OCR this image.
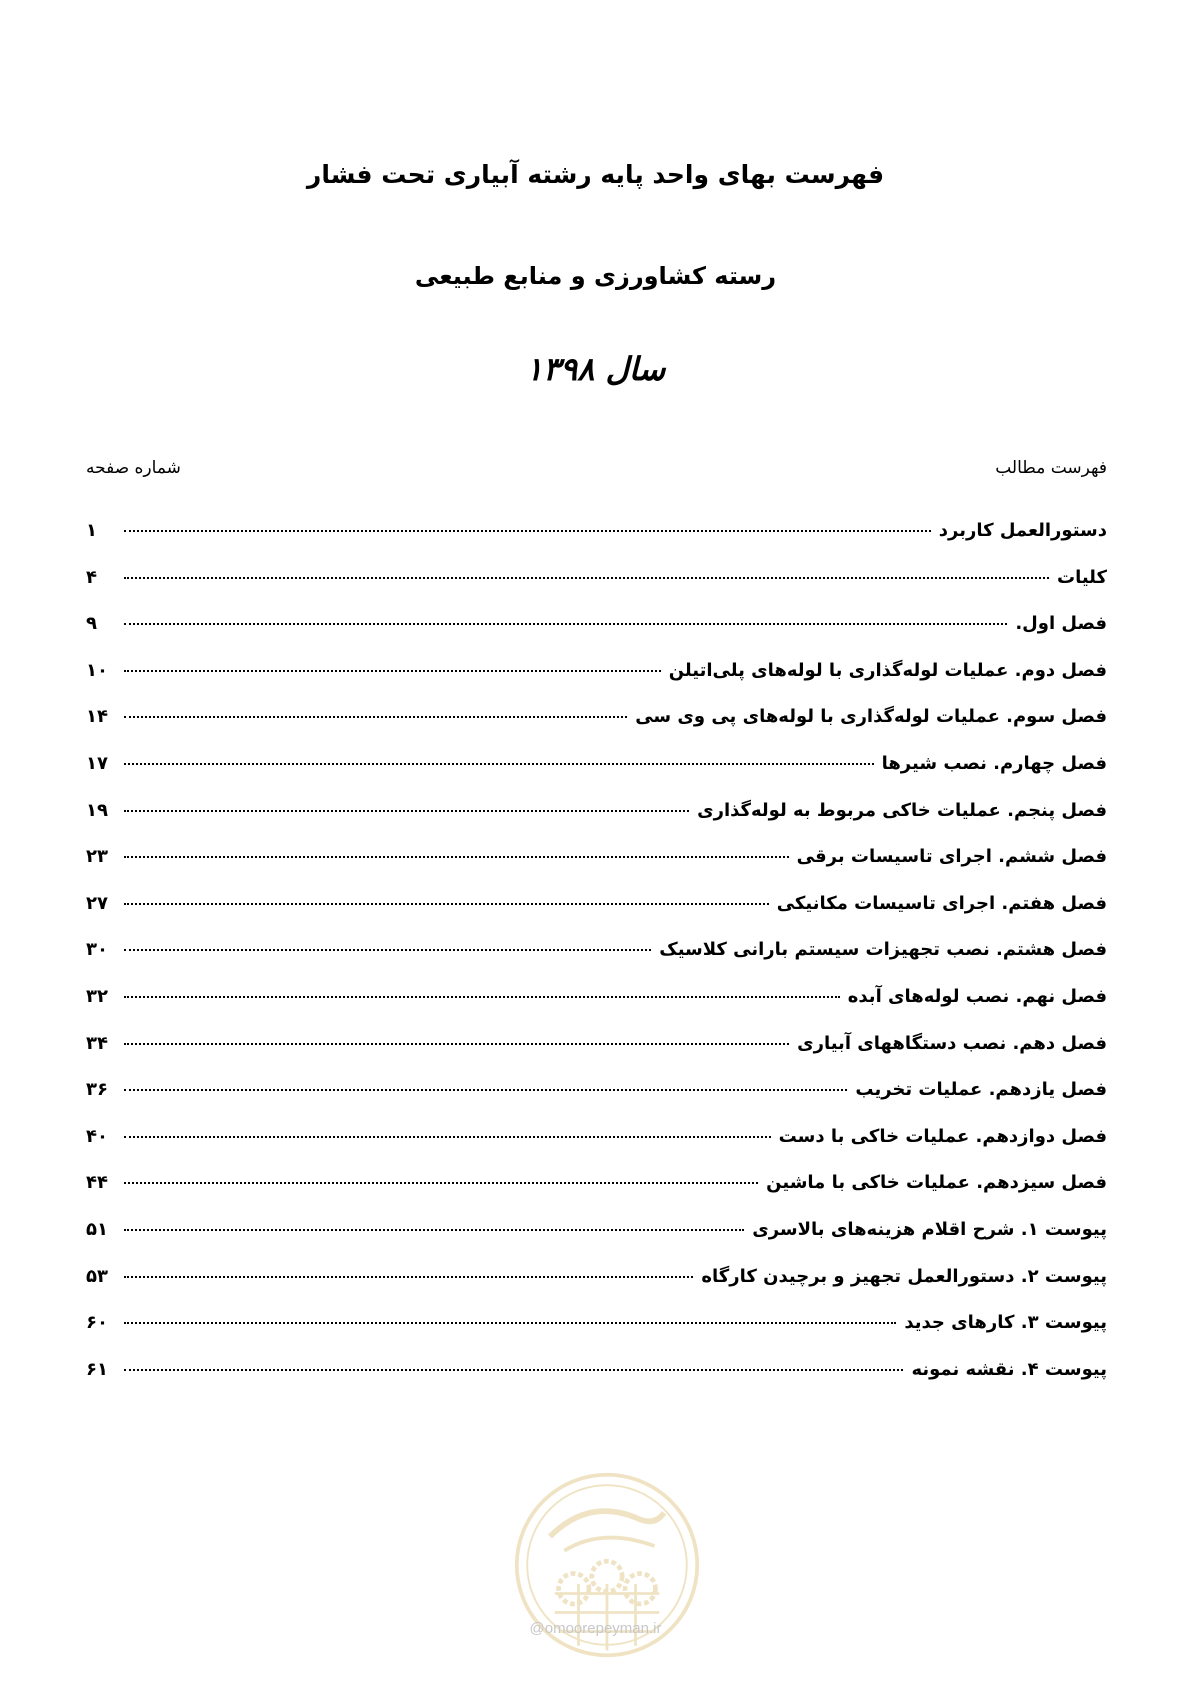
فهرست بهای واحد پایه رشته آبیاری تحت فشار
رسته کشاورزی و منابع طبیعی
سال ۱۳۹۸
فهرست مطالب
شماره صفحه
دستورالعمل کاربرد
۱
کلیات
۴
فصل اول.
۹
فصل دوم. عملیات لوله‌گذاری با لوله‌های پلی‌اتیلن
۱۰
فصل سوم. عملیات لوله‌گذاری با لوله‌های پی وی سی
۱۴
فصل چهارم. نصب شیرها
۱۷
فصل پنجم. عملیات خاکی مربوط به لوله‌گذاری
۱۹
فصل ششم. اجرای تاسیسات برقی
۲۳
فصل هفتم. اجرای تاسیسات مکانیکی
۲۷
فصل هشتم. نصب تجهیزات سیستم بارانی کلاسیک
۳۰
فصل نهم. نصب لوله‌های آبده
۳۲
فصل دهم. نصب دستگاههای آبیاری
۳۴
فصل یازدهم. عملیات تخریب
۳۶
فصل دوازدهم. عملیات خاکی با دست
۴۰
فصل سیزدهم. عملیات خاکی با ماشین
۴۴
پیوست ۱. شرح اقلام هزینه‌های بالاسری
۵۱
پیوست ۲. دستورالعمل تجهیز و برچیدن کارگاه
۵۳
پیوست ۳. کارهای جدید
۶۰
پیوست ۴. نقشه نمونه
۶۱
@omoorepeyman.ir
